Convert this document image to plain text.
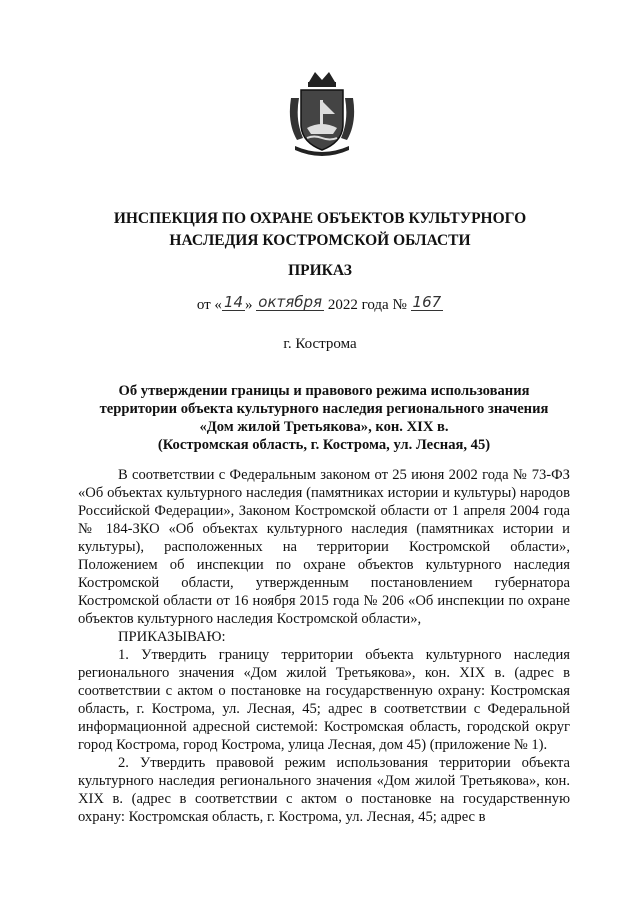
ИНСПЕКЦИЯ ПО ОХРАНЕ ОБЪЕКТОВ КУЛЬТУРНОГО
НАСЛЕДИЯ КОСТРОМСКОЙ ОБЛАСТИ
ПРИКАЗ
от « 14 » октября 2022 года № 167
г. Кострома
Об утверждении границы и правового режима использования
территории объекта культурного наследия регионального значения
«Дом жилой Третьякова», кон. XIX в.
(Костромская область, г. Кострома, ул. Лесная, 45)

В соответствии с Федеральным законом от 25 июня 2002 года № 73-ФЗ «Об объектах культурного наследия (памятниках истории и культуры) народов Российской Федерации», Законом Костромской области от 1 апреля 2004 года № 184-ЗКО «Об объектах культурного наследия (памятниках истории и культуры), расположенных на территории Костромской области», Положением об инспекции по охране объектов культурного наследия Костромской области, утвержденным постановлением губернатора Костромской области от 16 ноября 2015 года № 206 «Об инспекции по охране объектов культурного наследия Костромской области»,

ПРИКАЗЫВАЮ:

1. Утвердить границу территории объекта культурного наследия регионального значения «Дом жилой Третьякова», кон. XIX в. (адрес в соответствии с актом о постановке на государственную охрану: Костромская область, г. Кострома, ул. Лесная, 45; адрес в соответствии с Федеральной информационной адресной системой: Костромская область, городской округ город Кострома, город Кострома, улица Лесная, дом 45) (приложение № 1).

2. Утвердить правовой режим использования территории объекта культурного наследия регионального значения «Дом жилой Третьякова», кон. XIX в. (адрес в соответствии с актом о постановке на государственную охрану: Костромская область, г. Кострома, ул. Лесная, 45; адрес в
